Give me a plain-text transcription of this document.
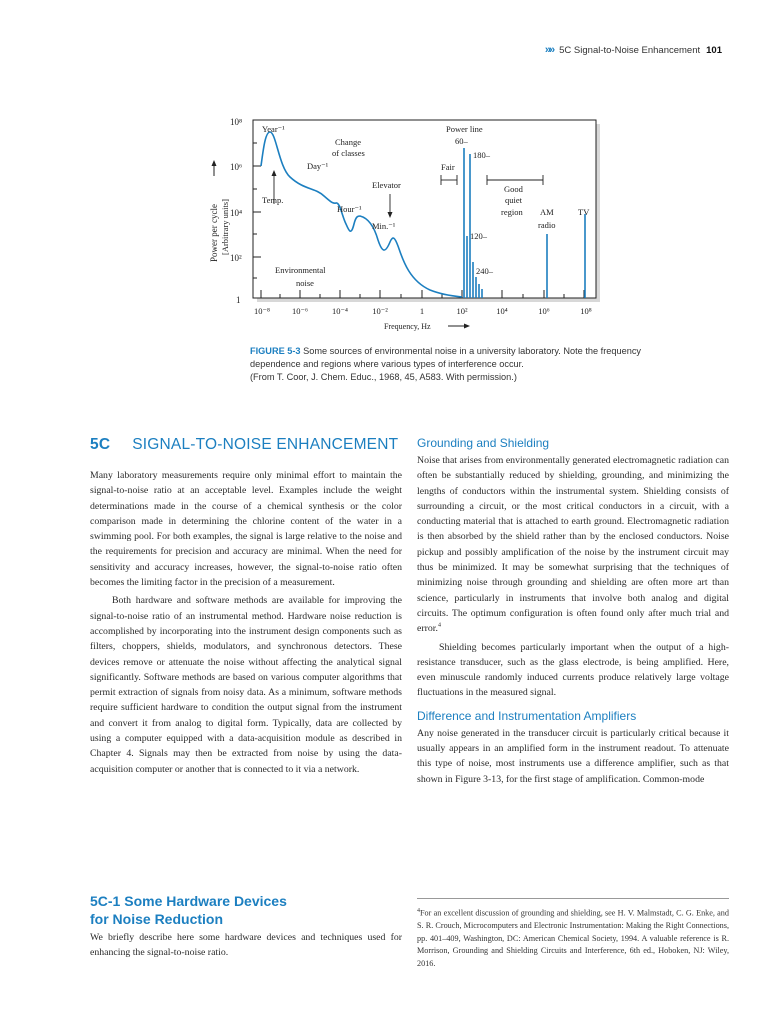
»» 5C Signal-to-Noise Enhancement 101
10⁸
10⁶
10⁴
10²
1
Power per cycle [Arbitrary units]
10⁻⁸	10⁻⁶	10⁻⁴	10⁻²	1	10²	10⁴	10⁶	10⁸
Frequency, Hz
Year⁻¹
Change
of classes
Day⁻¹
Temp.
Elevator
Hour⁻¹
Min.⁻¹
Environmental
noise
Power line
60–
180–
Fair
Good
quiet
region AM
radio
TV
120–
240–
FIGURE 5-3 Some sources of environmental noise in a university laboratory. Note the frequency dependence and regions where various types of interference occur.
(From T. Coor, J. Chem. Educ., 1968, 45, A583. With permission.)
5C SIGNAL-TO-NOISE ENHANCEMENT

Many laboratory measurements require only minimal effort to maintain the signal-to-noise ratio at an acceptable level. Examples include the weight determinations made in the course of a chemical synthesis or the color comparison made in determining the chlorine content of the water in a swimming pool. For both examples, the signal is large relative to the noise and the requirements for precision and accuracy are minimal. When the need for sensitivity and accuracy increases, however, the signal-to-noise ratio often becomes the limiting factor in the precision of a measurement.

Both hardware and software methods are available for improving the signal-to-noise ratio of an instrumental method. Hardware noise reduction is accomplished by incorporating into the instrument design components such as filters, choppers, shields, modulators, and synchronous detectors. These devices remove or attenuate the noise without affecting the analytical signal significantly. Software methods are based on various computer algorithms that permit extraction of signals from noisy data. As a minimum, software methods require sufficient hardware to condition the output signal from the instrument and convert it from analog to digital form. Typically, data are collected by using a computer equipped with a data-acquisition module as described in Chapter 4. Signals may then be extracted from noise by using the data-acquisition computer or another that is connected to it via a network.

5C-1 Some Hardware Devices
for Noise Reduction

We briefly describe here some hardware devices and techniques used for enhancing the signal-to-noise ratio.

Grounding and Shielding

Noise that arises from environmentally generated electromagnetic radiation can often be substantially reduced by shielding, grounding, and minimizing the lengths of conductors within the instrumental system. Shielding consists of surrounding a circuit, or the most critical conductors in a circuit, with a conducting material that is attached to earth ground. Electromagnetic radiation is then absorbed by the shield rather than by the enclosed conductors. Noise pickup and possibly amplification of the noise by the instrument circuit may thus be minimized. It may be somewhat surprising that the techniques of minimizing noise through grounding and shielding are often more art than science, particularly in instruments that involve both analog and digital circuits. The optimum configuration is often found only after much trial and error.$^4$

Shielding becomes particularly important when the output of a high-resistance transducer, such as the glass electrode, is being amplified. Here, even minuscule randomly induced currents produce relatively large voltage fluctuations in the measured signal.

Difference and Instrumentation Amplifiers

Any noise generated in the transducer circuit is particularly critical because it usually appears in an amplified form in the instrument readout. To attenuate this type of noise, most instruments use a difference amplifier, such as that shown in Figure 3-13, for the first stage of amplification. Common-mode

$^4$For an excellent discussion of grounding and shielding, see H. V. Malmstadt, C. G. Enke, and S. R. Crouch, Microcomputers and Electronic Instrumentation: Making the Right Connections, pp. 401–409, Washington, DC: American Chemical Society, 1994. A valuable reference is R. Morrison, Grounding and Shielding Circuits and Interference, 6th ed., Hoboken, NJ: Wiley, 2016.
